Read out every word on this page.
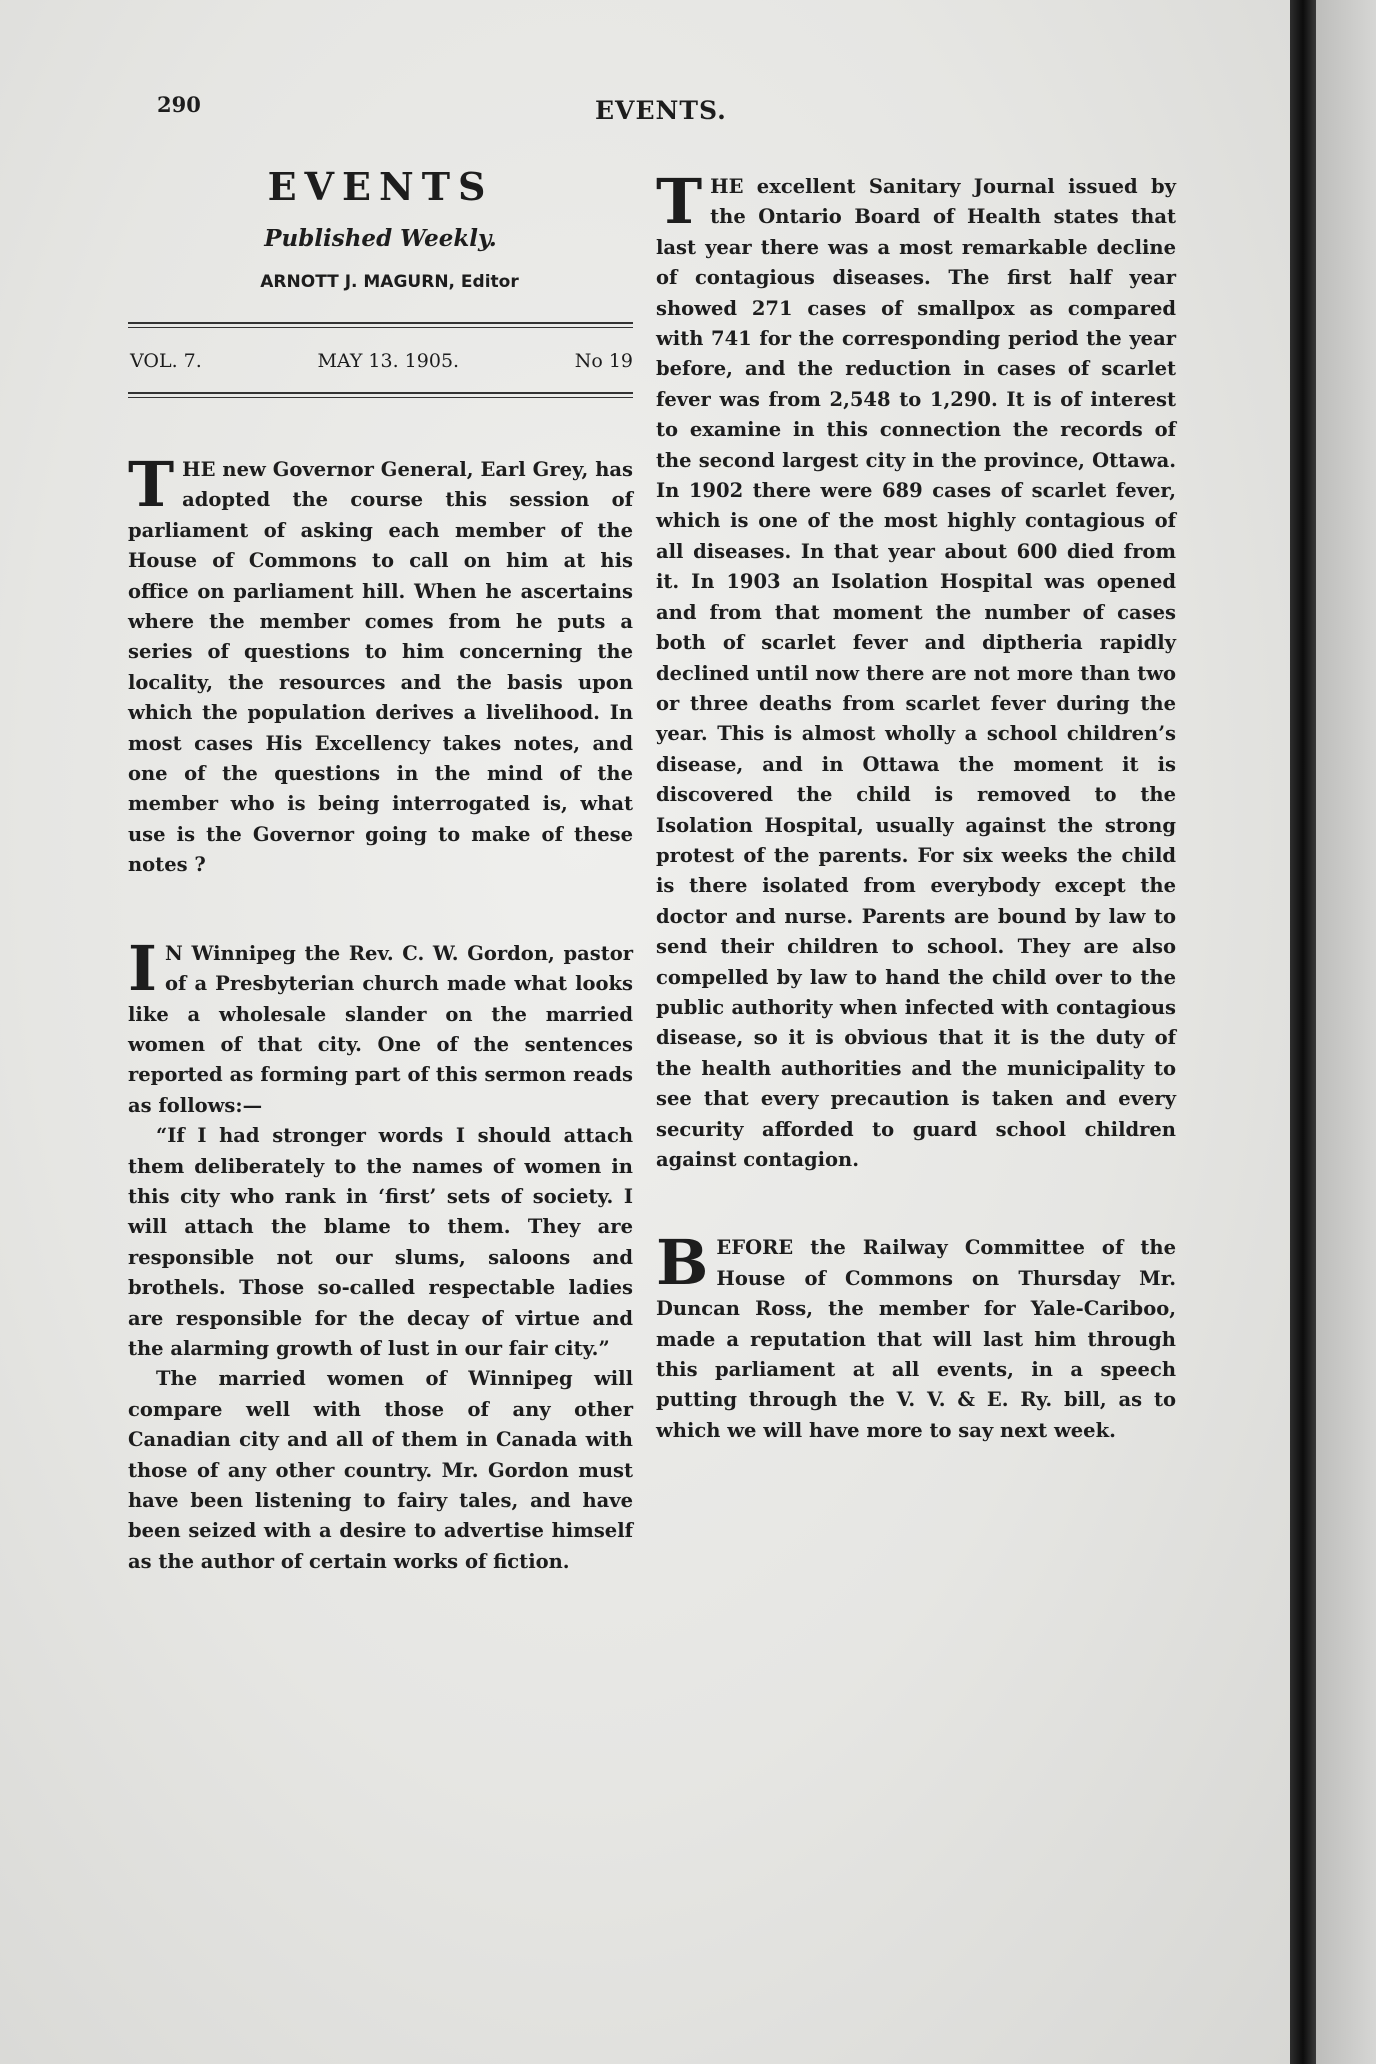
290	EVENTS.
EVENTS
Published Weekly.
ARNOTT J. MAGURN, Editor
VOL. 7.	MAY 13. 1905.	No 19

THE new Governor General, Earl Grey, has adopted the course this session of parliament of asking each member of the House of Commons to call on him at his office on parliament hill. When he ascertains where the member comes from he puts a series of questions to him concerning the locality, the resources and the basis upon which the population derives a livelihood. In most cases His Excellency takes notes, and one of the questions in the mind of the member who is being interrogated is, what use is the Governor going to make of these notes ?

I N Winnipeg the Rev. C. W. Gordon, pastor of a Presbyterian church made what looks like a wholesale slander on the married women of that city. One of the sentences reported as forming part of this sermon reads as follows:—

“If I had stronger words I should attach them deliberately to the names of women in this city who rank in ‘first’ sets of society. I will attach the blame to them. They are responsible not our slums, saloons and brothels. Those so-called respectable ladies are responsible for the decay of virtue and the alarming growth of lust in our fair city.”

The married women of Winnipeg will compare well with those of any other Canadian city and all of them in Canada with those of any other country. Mr. Gordon must have been listening to fairy tales, and have been seized with a desire to advertise himself as the author of certain works of fiction.

THE excellent Sanitary Journal issued by the Ontario Board of Health states that last year there was a most remarkable decline of contagious diseases. The first half year showed 271 cases of smallpox as compared with 741 for the corresponding period the year before, and the reduction in cases of scarlet fever was from 2,548 to 1,290. It is of interest to examine in this connection the records of the second largest city in the province, Ottawa. In 1902 there were 689 cases of scarlet fever, which is one of the most highly contagious of all diseases. In that year about 600 died from it. In 1903 an Isolation Hospital was opened and from that moment the number of cases both of scarlet fever and diptheria rapidly declined until now there are not more than two or three deaths from scarlet fever during the year. This is almost wholly a school children’s disease, and in Ottawa the moment it is discovered the child is removed to the Isolation Hospital, usually against the strong protest of the parents. For six weeks the child is there isolated from everybody except the doctor and nurse. Parents are bound by law to send their children to school. They are also compelled by law to hand the child over to the public authority when infected with contagious disease, so it is obvious that it is the duty of the health authorities and the municipality to see that every precaution is taken and every security afforded to guard school children against contagion.

BEFORE the Railway Committee of the House of Commons on Thursday Mr. Duncan Ross, the member for Yale-Cariboo, made a reputation that will last him through this parliament at all events, in a speech putting through the V. V. & E. Ry. bill, as to which we will have more to say next week.
